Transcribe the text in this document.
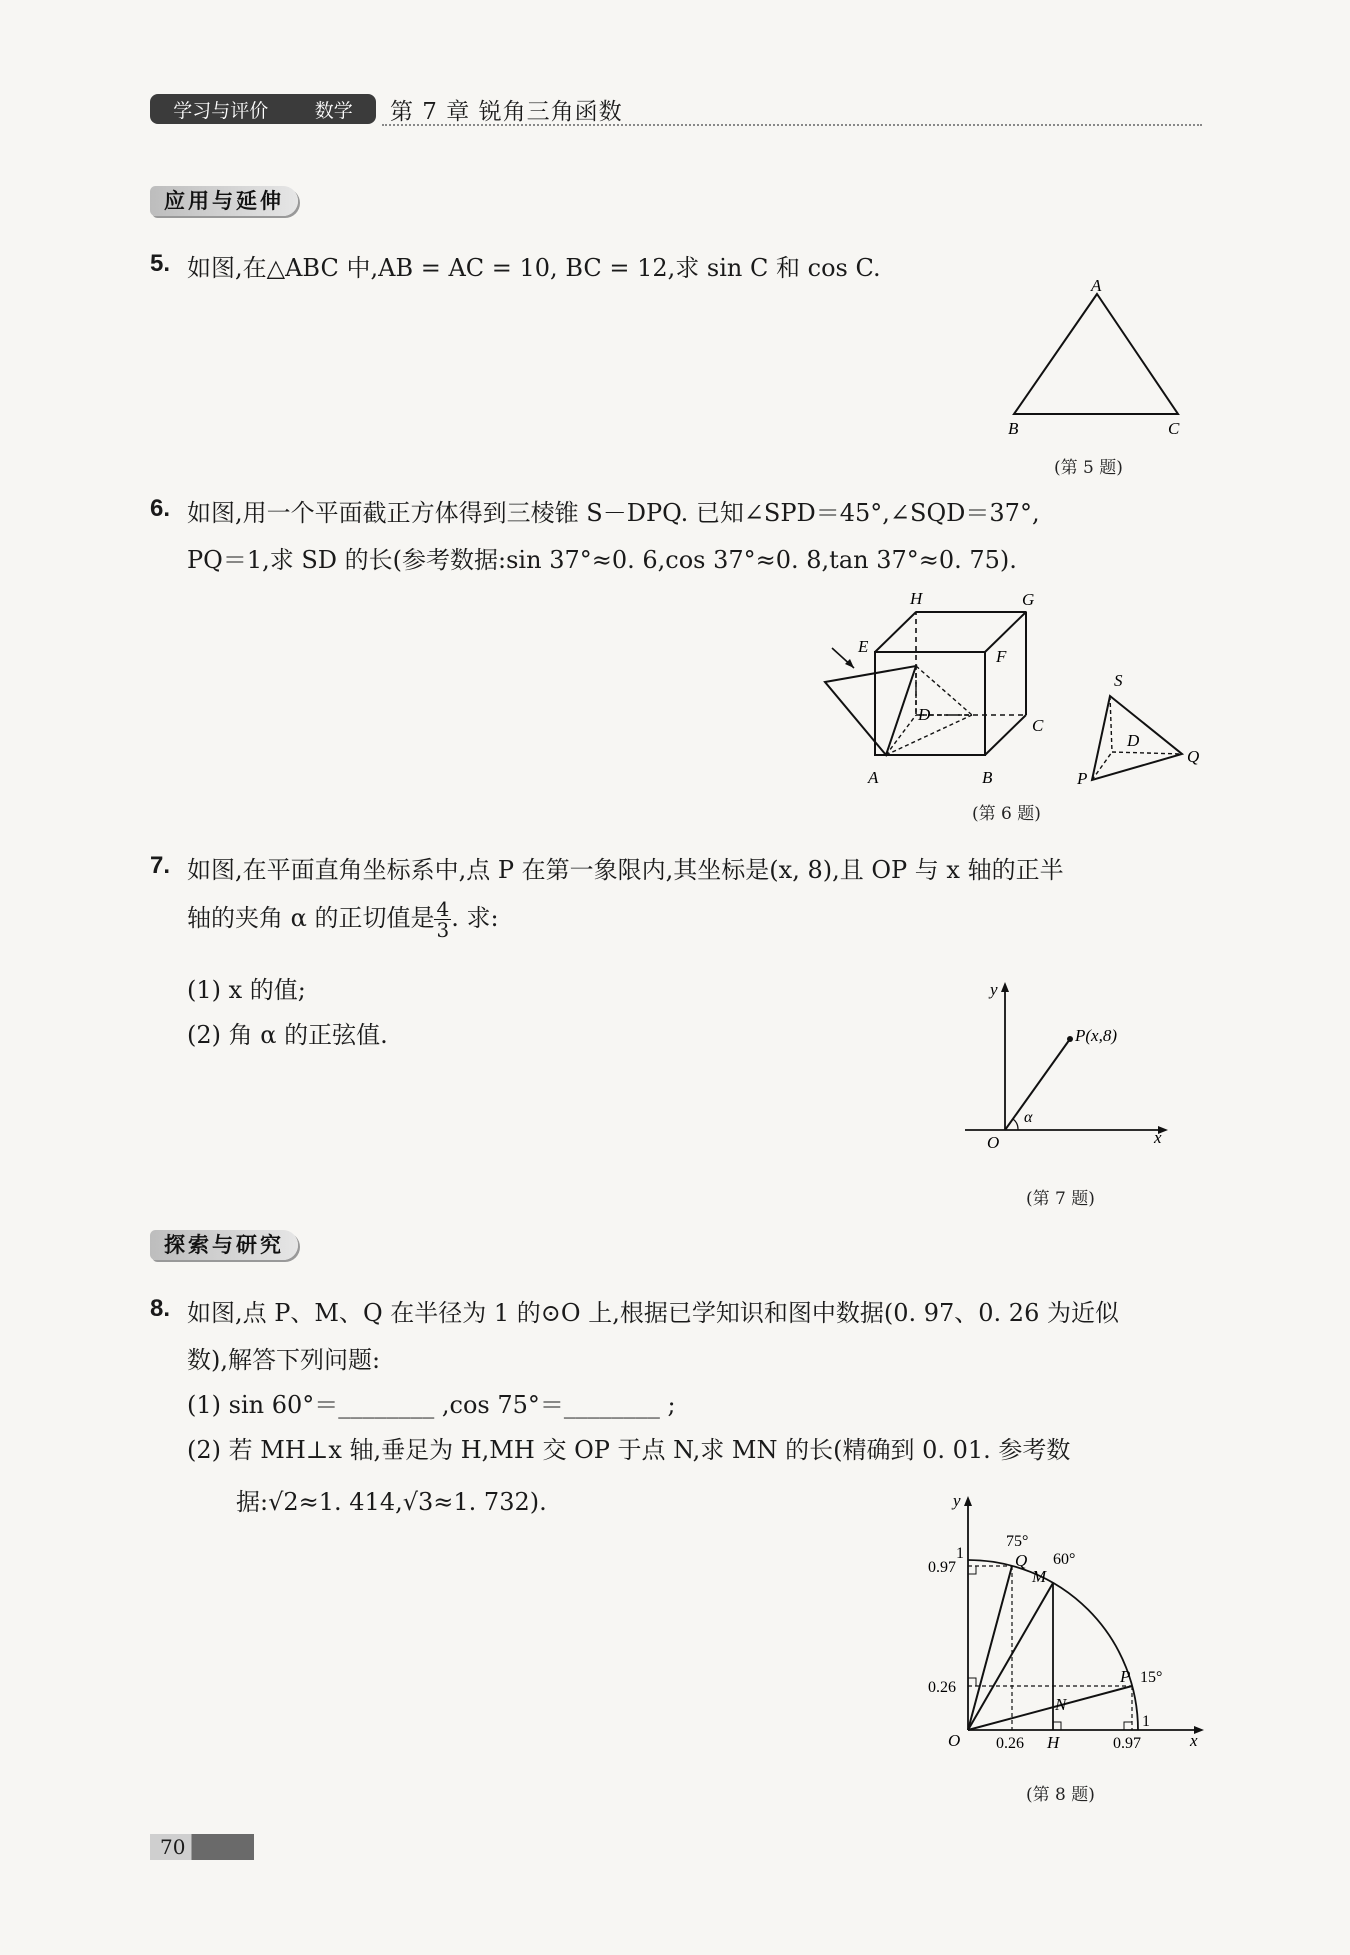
学习与评价 数学 第 7 章 锐角三角函数
应用与延伸
5. 如图,在△ABC 中,AB = AC = 10, BC = 12,求 sin C 和 cos C.
A
B	C
(第 5 题)
6. 如图,用一个平面截正方体得到三棱锥 S－DPQ. 已知∠SPD＝45°,∠SQD＝37°,
PQ＝1,求 SD 的长(参考数据:sin 37°≈0. 6,cos 37°≈0. 8,tan 37°≈0. 75).
H	G
E
F
D
C
A	B
S
D
P
Q
(第 6 题)
7. 如图,在平面直角坐标系中,点 P 在第一象限内,其坐标是(x, 8),且 OP 与 x 轴的正半
轴的夹角 α 的正切值是 $\frac{4}{3}$ . 求:
(1) x 的值;
(2) 角 α 的正弦值.
y
x
O
P(x,8)
α
(第 7 题)
探索与研究
8. 如图,点 P、M、Q 在半径为 1 的⊙O 上,根据已学知识和图中数据(0. 97、0. 26 为近似
数),解答下列问题:
(1) sin 60°＝________ ,cos 75°＝________ ;
(2) 若 MH⊥x 轴,垂足为 H,MH 交 OP 于点 N,求 MN 的长(精确到 0. 01. 参考数
据:√2≈1. 414,√3≈1. 732).	y
x
O
1
0.97
0.26
0.26 H	0.97
1
Q
M
P
N
75°
60°
15°
(第 8 题)
70
